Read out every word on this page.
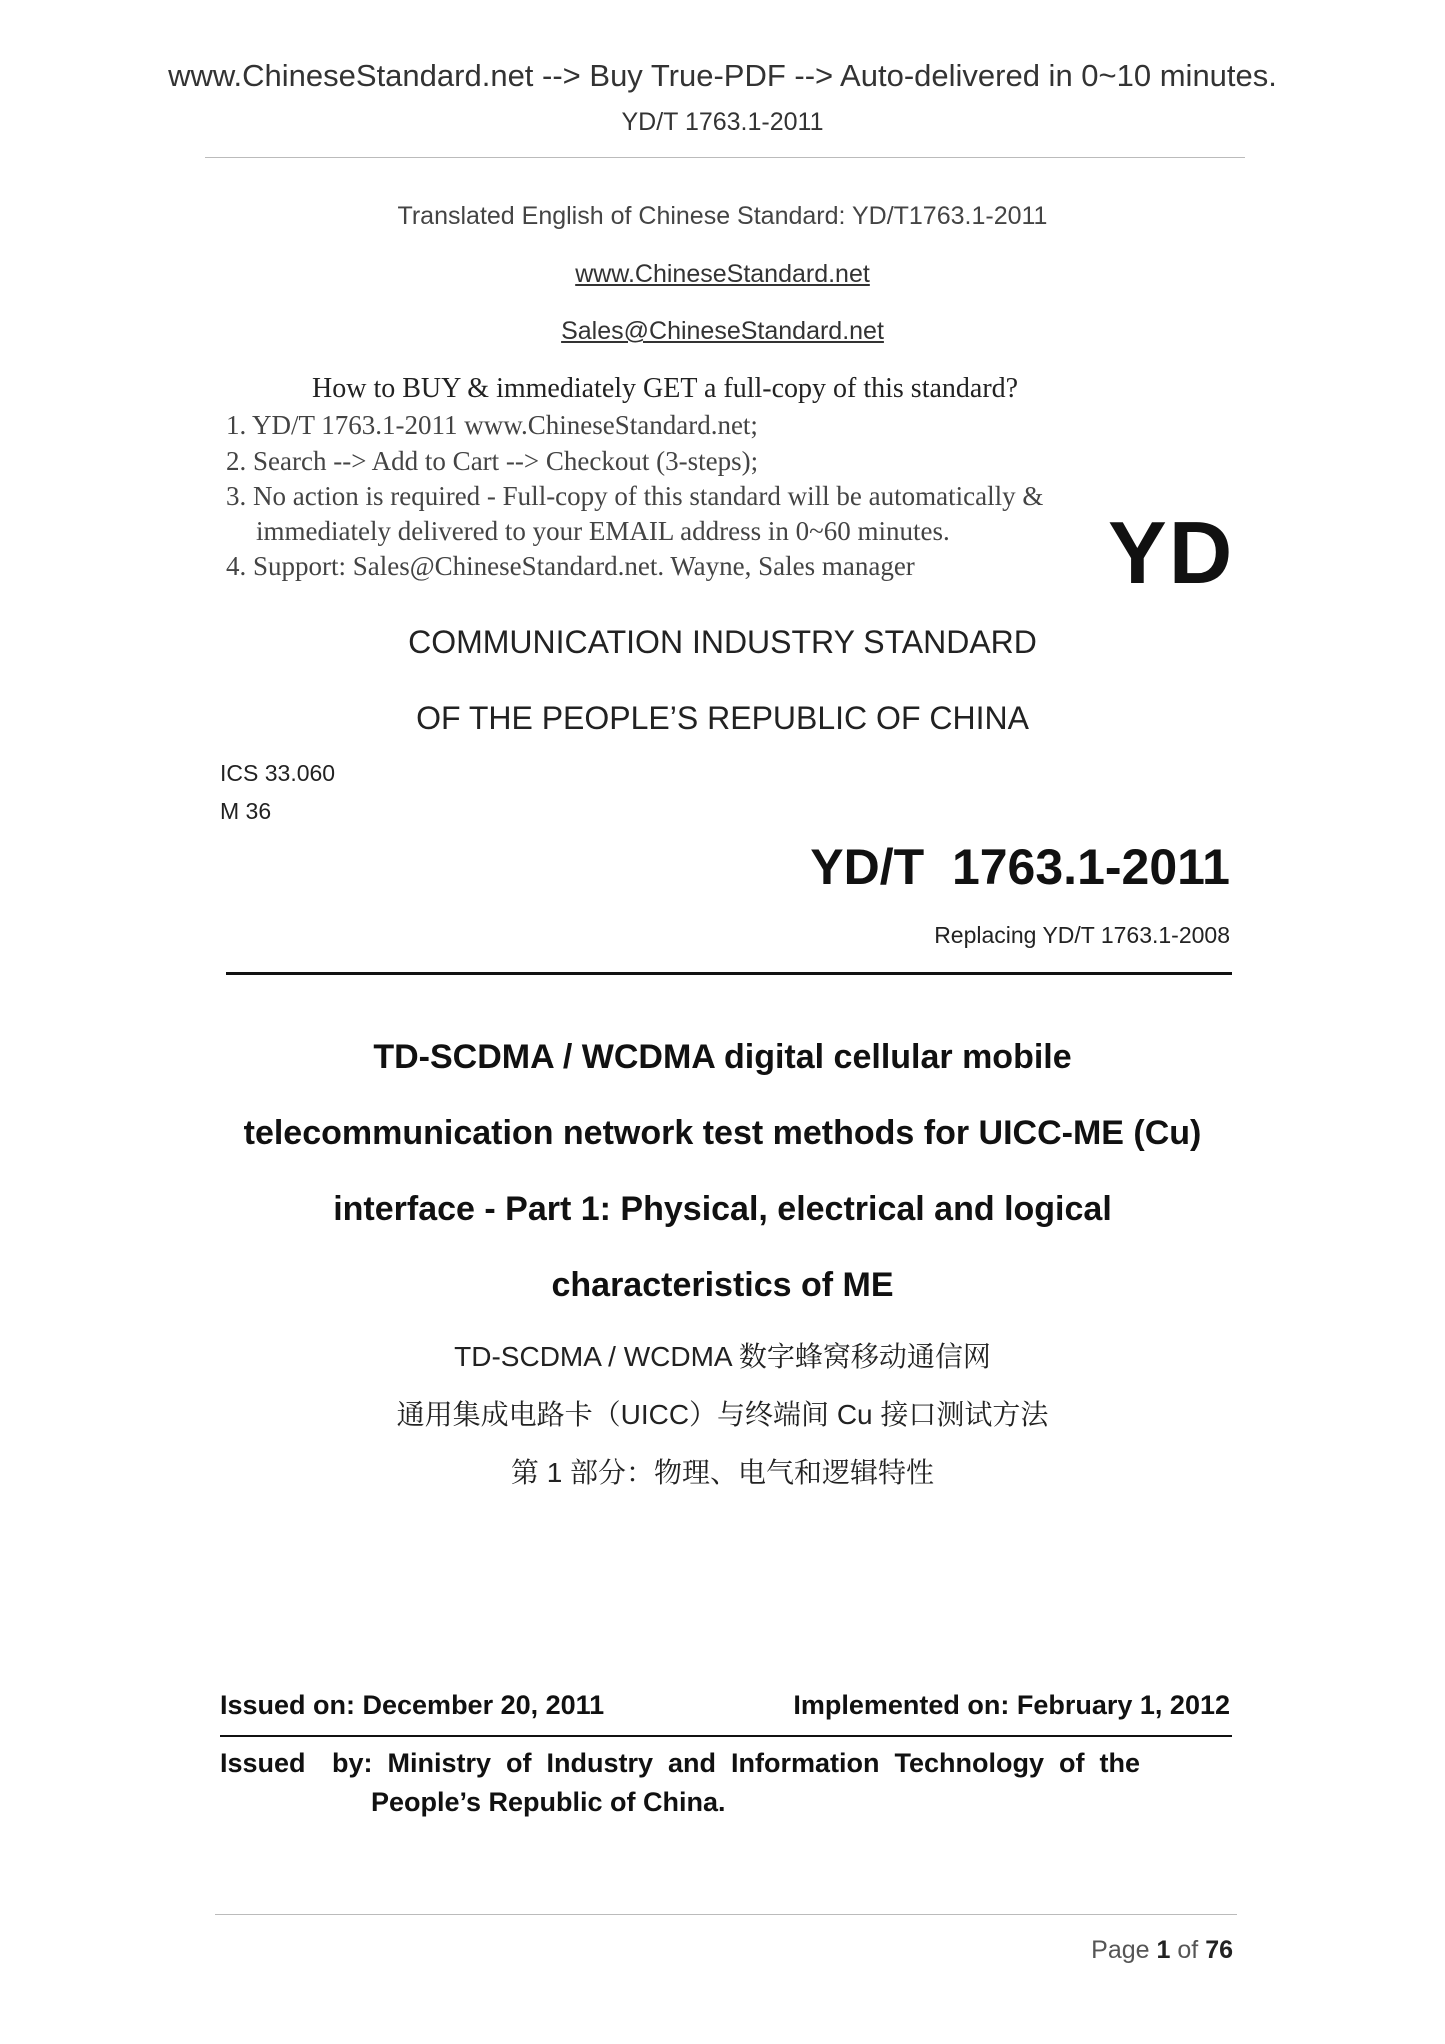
www.ChineseStandard.net --> Buy True-PDF --> Auto-delivered in 0~10 minutes.
YD/T 1763.1-2011
Translated English of Chinese Standard: YD/T1763.1-2011
www.ChineseStandard.net
Sales@ChineseStandard.net
How to BUY & immediately GET a full-copy of this standard?
1. YD/T 1763.1-2011 www.ChineseStandard.net;
2. Search --> Add to Cart --> Checkout (3-steps);
3. No action is required - Full-copy of this standard will be automatically &
immediately delivered to your EMAIL address in 0~60 minutes.
4. Support: Sales@ChineseStandard.net. Wayne, Sales manager YD
COMMUNICATION INDUSTRY STANDARD
OF THE PEOPLE’S REPUBLIC OF CHINA
ICS 33.060
M 36
YD/T  1763.1-2011
Replacing YD/T 1763.1-2008
TD-SCDMA / WCDMA digital cellular mobile
telecommunication network test methods for UICC-ME (Cu)
interface - Part 1: Physical, electrical and logical
characteristics of ME
TD-SCDMA / WCDMA 数字蜂窝移动通信网
通用集成电路卡（UICC）与终端间 Cu 接口测试方法
第 1 部分：物理、电气和逻辑特性
Issued on: December 20, 2011	Implemented on: February 1, 2012
Issued by:  Ministry  of  Industry  and  Information  Technology  of  the
People’s Republic of China.
Page 1 of 76
